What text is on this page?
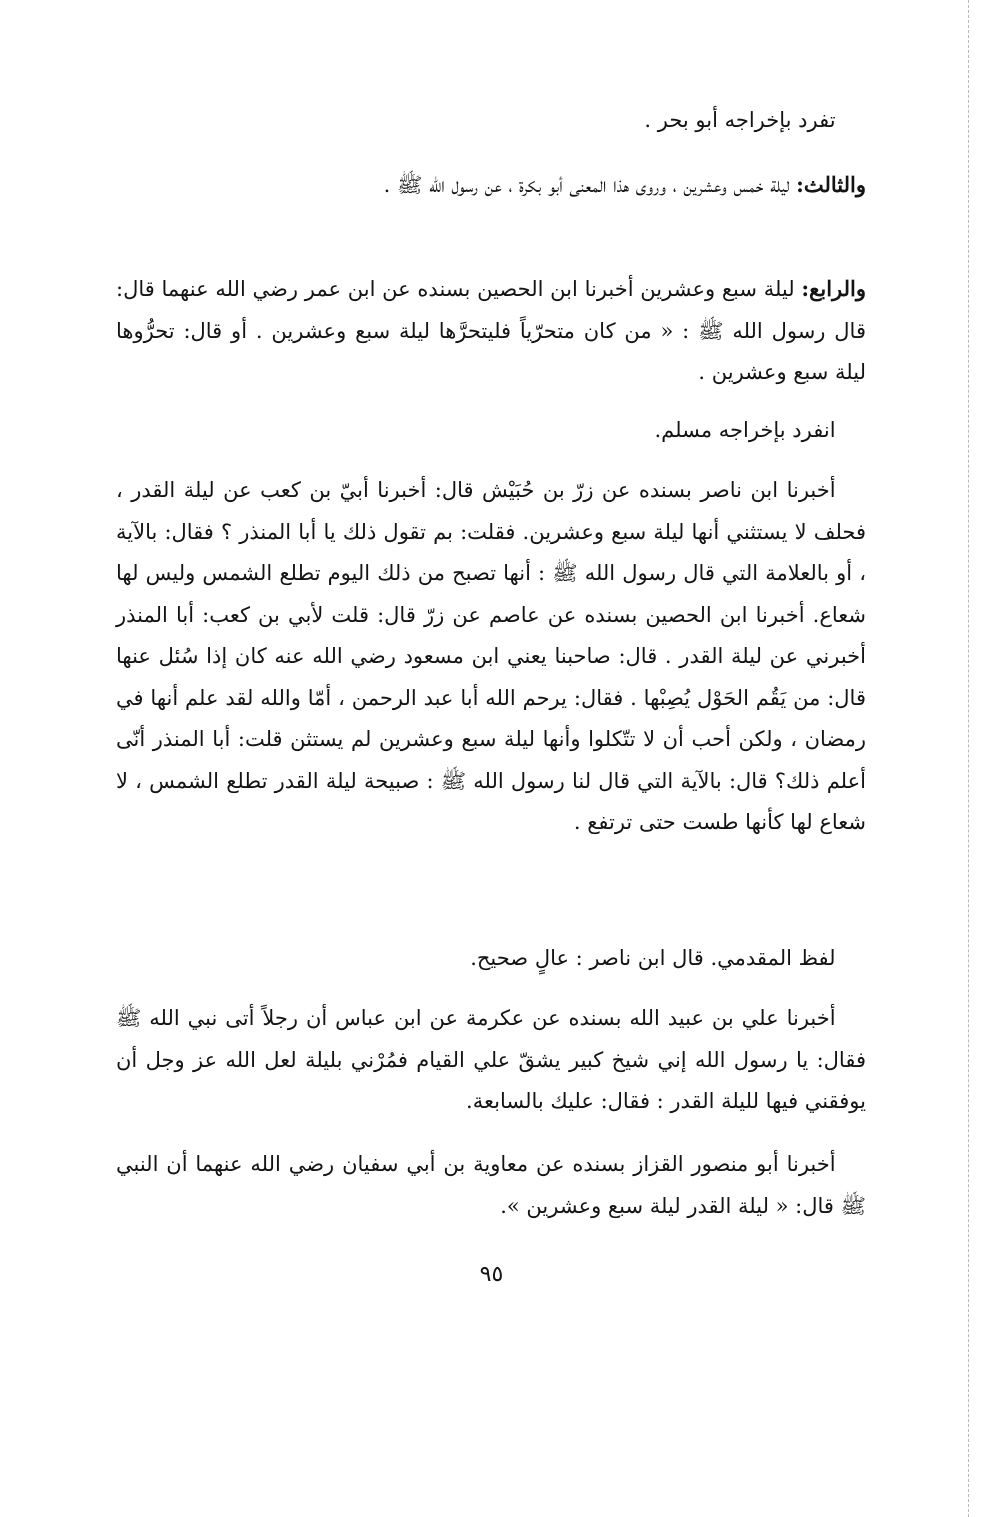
تفرد بإخراجه أبو بحر .

والثالث: ليلة خمس وعشرين ، وروى هذا المعنى أبو بكرة ، عن رسول الله ﷺ .

والرابع: ليلة سبع وعشرين أخبرنا ابن الحصين بسنده عن ابن عمر رضي الله عنهما قال: قال رسول الله ﷺ : « من كان متحرّياً فليتحرَّها ليلة سبع وعشرين . أو قال: تحرُّوها ليلة سبع وعشرين .

انفرد بإخراجه مسلم.

أخبرنا ابن ناصر بسنده عن زرّ بن حُبَيْش قال: أخبرنا أبيّ بن كعب عن ليلة القدر ، فحلف لا يستثني أنها ليلة سبع وعشرين. فقلت: بم تقول ذلك يا أبا المنذر ؟ فقال: بالآية ، أو بالعلامة التي قال رسول الله ﷺ : أنها تصبح من ذلك اليوم تطلع الشمس وليس لها شعاع. أخبرنا ابن الحصين بسنده عن عاصم عن زرّ قال: قلت لأبي بن كعب: أبا المنذر أخبرني عن ليلة القدر . قال: صاحبنا يعني ابن مسعود رضي الله عنه كان إذا سُئل عنها قال: من يَقُم الحَوْل يُصِبْها . فقال: يرحم الله أبا عبد الرحمن ، أمّا والله لقد علم أنها في رمضان ، ولكن أحب أن لا تتّكلوا وأنها ليلة سبع وعشرين لم يستثن قلت: أبا المنذر أنّى أعلم ذلك؟ قال: بالآية التي قال لنا رسول الله ﷺ : صبيحة ليلة القدر تطلع الشمس ، لا شعاع لها كأنها طست حتى ترتفع .

لفظ المقدمي. قال ابن ناصر : عالٍ صحيح.

أخبرنا علي بن عبيد الله بسنده عن عكرمة عن ابن عباس أن رجلاً أتى نبي الله ﷺ فقال: يا رسول الله إني شيخ كبير يشقّ علي القيام فمُرْني بليلة لعل الله عز وجل أن يوفقني فيها لليلة القدر : فقال: عليك بالسابعة.

أخبرنا أبو منصور القزاز بسنده عن معاوية بن أبي سفيان رضي الله عنهما أن النبي ﷺ قال: « ليلة القدر ليلة سبع وعشرين ».

٩٥
